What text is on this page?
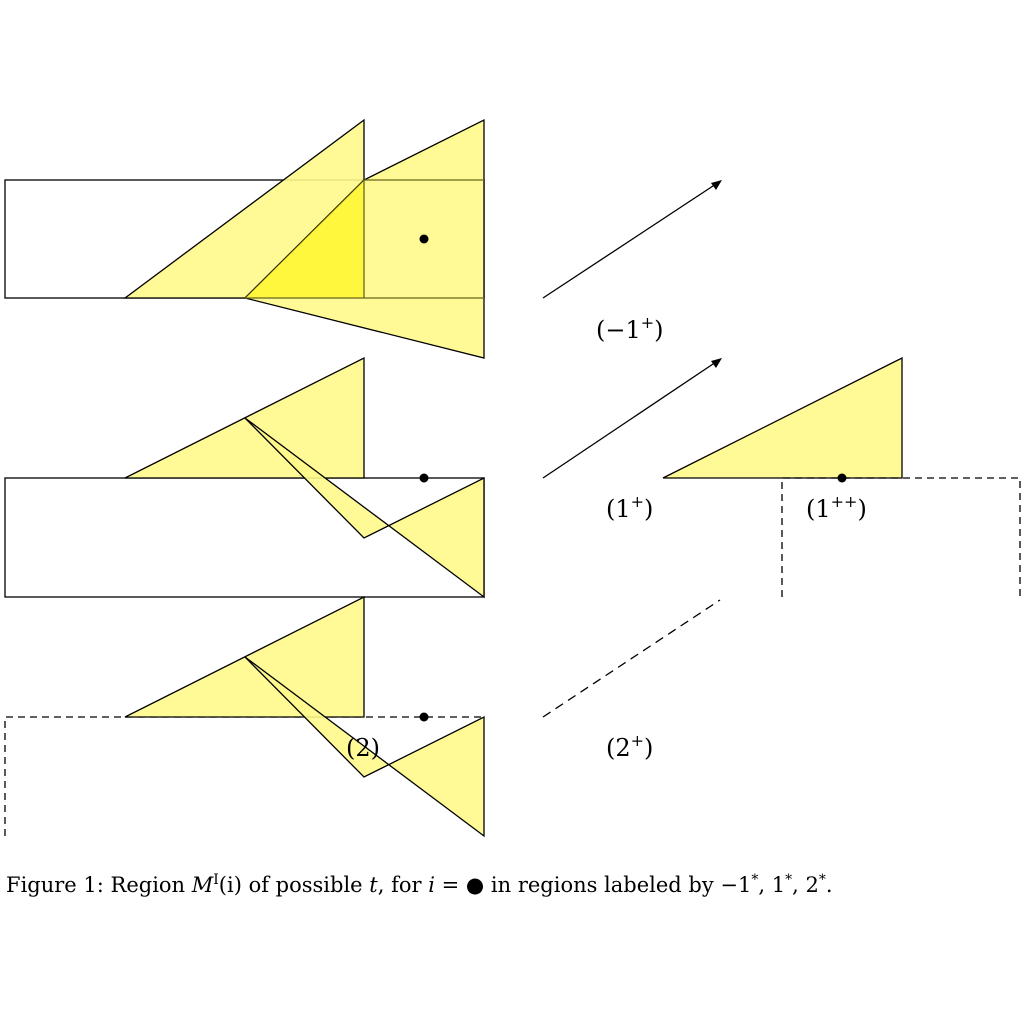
(−1+)
(1+)	(1++)
(2)	(2+)
Figure 1: Region $M^I(i)$ of possible t, for i = ● in regions labeled by −1*, 1*, 2*.
